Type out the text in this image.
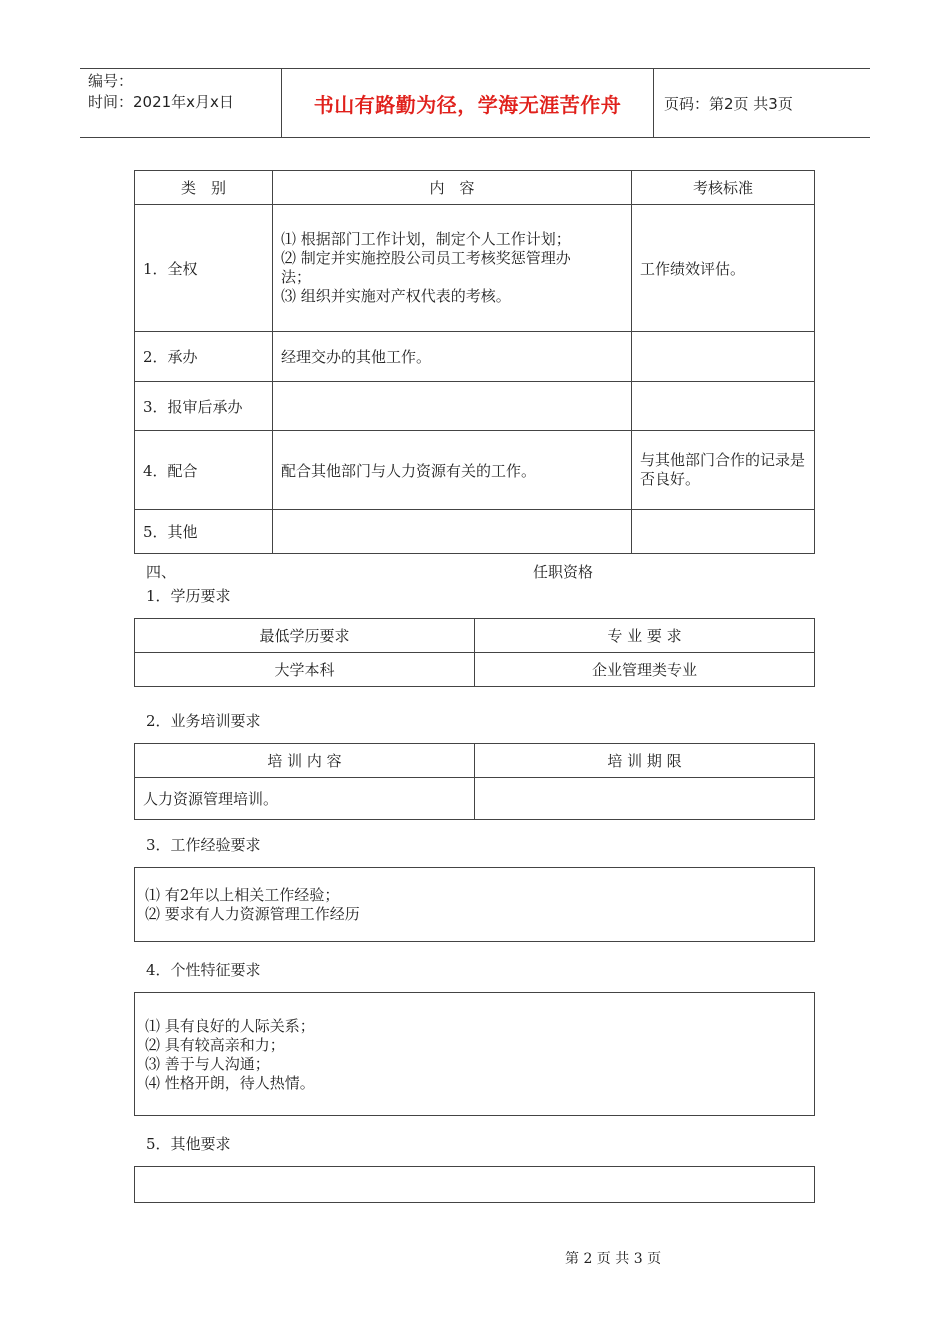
编号：
时间：2021年x月x日	书山有路勤为径，学海无涯苦作舟	页码：第2页 共3页
类　别	内　容	考核标准
1．全权	⑴ 根据部门工作计划，制定个人工作计划；
⑵ 制定并实施控股公司员工考核奖惩管理办
法；
⑶ 组织并实施对产权代表的考核。	工作绩效评估。
2．承办	经理交办的其他工作。	
3．报审后承办		
4．配合	配合其他部门与人力资源有关的工作。	与其他部门合作的记录是否良好。
5．其他		
四、	任职资格
1．学历要求
最低学历要求	专 业 要 求
大学本科	企业管理类专业
2．业务培训要求
培 训 内 容	培 训 期 限
人力资源管理培训。	
3．工作经验要求
⑴ 有2年以上相关工作经验；
⑵ 要求有人力资源管理工作经历
4．个性特征要求
⑴ 具有良好的人际关系；
⑵ 具有较高亲和力；
⑶ 善于与人沟通；
⑷ 性格开朗，待人热情。
5．其他要求
第 2 页 共 3 页
